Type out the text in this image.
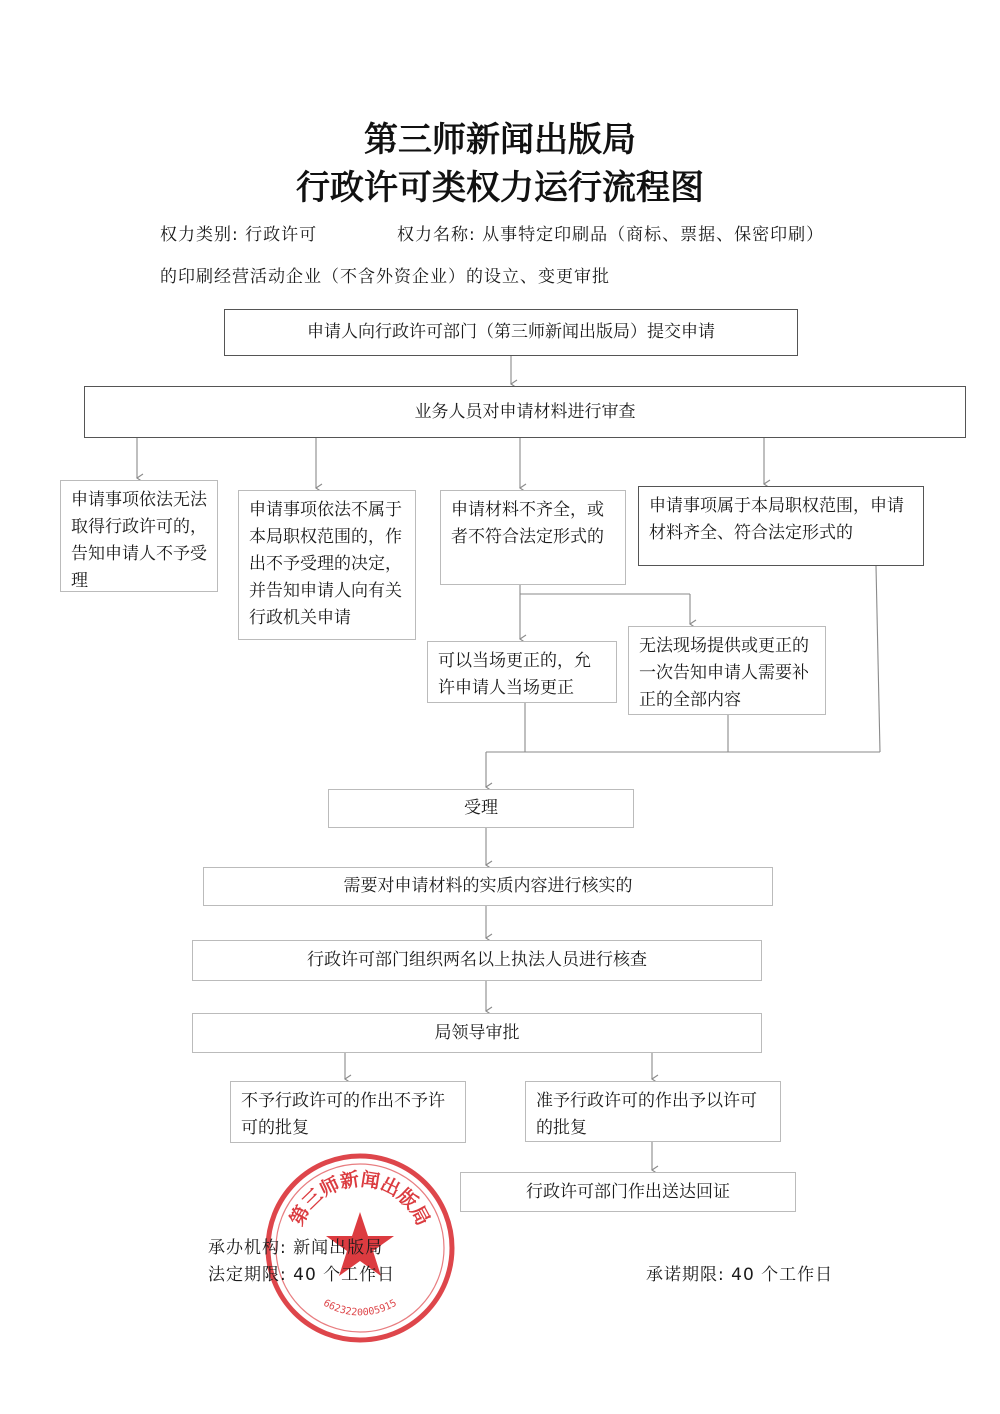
第三师新闻出版局
行政许可类权力运行流程图
权力类别: 行政许可	权力名称: 从事特定印刷品（商标、票据、保密印刷）
的印刷经营活动企业（不含外资企业）的设立、变更审批
申请人向行政许可部门（第三师新闻出版局）提交申请
业务人员对申请材料进行审查
申请事项依法无法取得行政许可的，告知申请人不予受理
申请事项依法不属于本局职权范围的，作出不予受理的决定，并告知申请人向有关行政机关申请
申请材料不齐全，或者不符合法定形式的
申请事项属于本局职权范围，申请材料齐全、符合法定形式的
可以当场更正的，允许申请人当场更正
无法现场提供或更正的一次告知申请人需要补正的全部内容
受理
需要对申请材料的实质内容进行核实的
行政许可部门组织两名以上执法人员进行核查
局领导审批
不予行政许可的作出不予许可的批复
准予行政许可的作出予以许可的批复
行政许可部门作出送达回证
第三师新闻出版局
6623220005915
承办机构: 新闻出版局
法定期限: 40 个工作日	承诺期限: 40 个工作日
